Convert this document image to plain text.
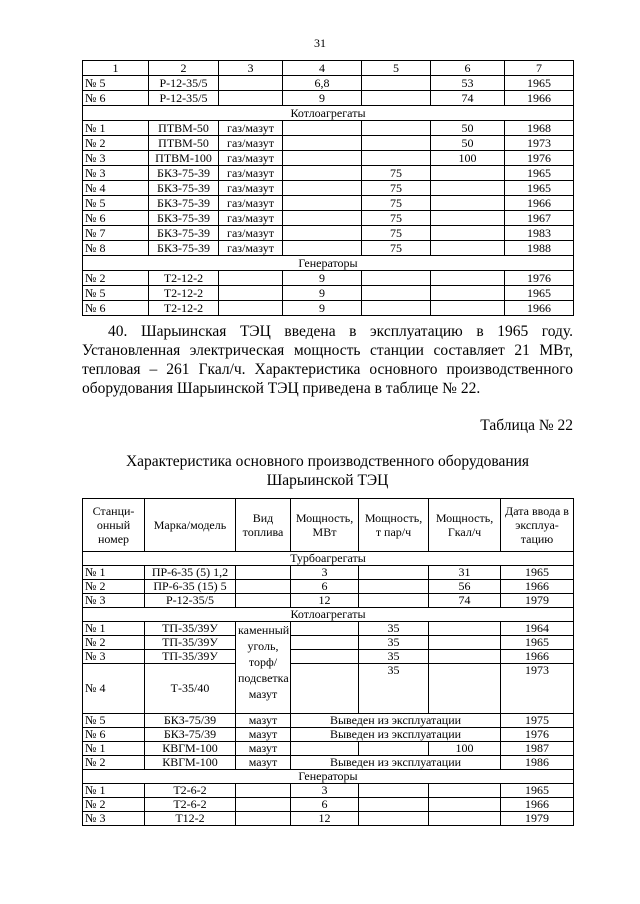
31
1	2	3	4	5	6	7
№ 5	Р-12-35/5		6,8		53	1965
№ 6	Р-12-35/5		9		74	1966
Котлоагрегаты						
№ 1	ПТВМ-50	газ/мазут			50	1968
№ 2	ПТВМ-50	газ/мазут			50	1973
№ 3	ПТВМ-100	газ/мазут			100	1976
№ 3	БКЗ-75-39	газ/мазут		75		1965
№ 4	БКЗ-75-39	газ/мазут		75		1965
№ 5	БКЗ-75-39	газ/мазут		75		1966
№ 6	БКЗ-75-39	газ/мазут		75		1967
№ 7	БКЗ-75-39	газ/мазут		75		1983
№ 8	БКЗ-75-39	газ/мазут		75		1988
Генераторы						
№ 2	Т2-12-2		9			1976
№ 5	Т2-12-2		9			1965
№ 6	Т2-12-2		9			1966

40. Шарыинская ТЭЦ введена в эксплуатацию в 1965 году. Установленная электрическая мощность станции составляет 21 МВт, тепловая – 261 Гкал/ч. Характеристика основного производственного оборудования Шарыинской ТЭЦ приведена в таблице № 22.

Таблица № 22
Характеристика основного производственного оборудования
Шарыинской ТЭЦ
Станци-онный номер	Марка/модель	Вид топлива	Мощность, МВт	Мощность, т пар/ч	Мощность, Гкал/ч	Дата ввода в эксплуа-тацию
Турбоагрегаты						
№ 1	ПР-6-35 (5) 1,2		3		31	1965
№ 2	ПР-6-35 (15) 5		6		56	1966
№ 3	Р-12-35/5		12		74	1979
Котлоагрегаты						
№ 1	ТП-35/39У	каменный уголь, торф/подсветка мазут		35		1964
№ 2	ТП-35/39У			35		1965
№ 3	ТП-35/39У			35		1966
№ 4	Т-35/40			35		1973
№ 5	БКЗ-75/39	мазут	Выведен из эксплуатации			1975
№ 6	БКЗ-75/39	мазут	Выведен из эксплуатации			1976
№ 1	КВГМ-100	мазут			100	1987
№ 2	КВГМ-100	мазут	Выведен из эксплуатации			1986
Генераторы						
№ 1	Т2-6-2		3			1965
№ 2	Т2-6-2		6			1966
№ 3	Т12-2		12			1979
